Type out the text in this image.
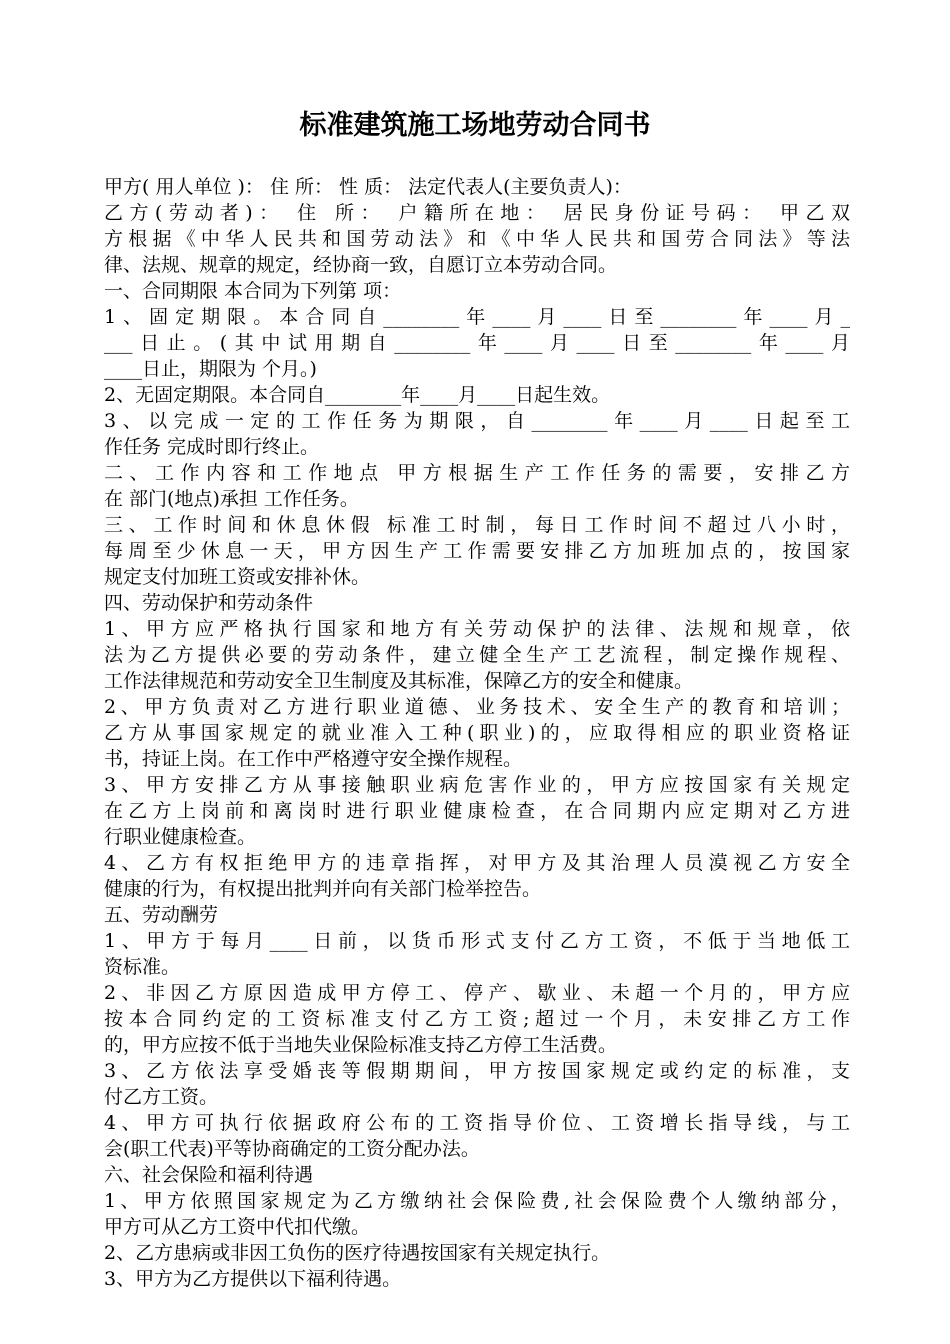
标准建筑施工场地劳动合同书
甲方( 用人单位 )： 住 所： 性 质： 法定代表人(主要负责人)：
乙方(劳动者)： 住 所： 户籍所在地： 居民身份证号码： 甲乙双
方根据《中华人民共和国劳动法》和《中华人民共和国劳合同法》等法
律、法规、规章的规定，经协商一致，自愿订立本劳动合同。
一、合同期限 本合同为下列第 项：
1、固定期限。本合同自________年____月____日至________年____月_
___日止。(其中试用期自________年____月____日至________年____月
____日止，期限为 个月。)
2、无固定期限。本合同自________年____月____日起生效。
3、以完成一定的工作任务为期限，自________年____月____日起至工
作任务 完成时即行终止。
二、工作内容和工作地点 甲方根据生产工作任务的需要，安排乙方
在 部门(地点)承担 工作任务。
三、工作时间和休息休假 标准工时制，每日工作时间不超过八小时，
每周至少休息一天，甲方因生产工作需要安排乙方加班加点的，按国家
规定支付加班工资或安排补休。
四、劳动保护和劳动条件
1、甲方应严格执行国家和地方有关劳动保护的法律、法规和规章，依
法为乙方提供必要的劳动条件，建立健全生产工艺流程，制定操作规程、
工作法律规范和劳动安全卫生制度及其标准，保障乙方的安全和健康。
2、甲方负责对乙方进行职业道德、业务技术、安全生产的教育和培训；
乙方从事国家规定的就业准入工种(职业)的，应取得相应的职业资格证
书，持证上岗。在工作中严格遵守安全操作规程。
3、甲方安排乙方从事接触职业病危害作业的，甲方应按国家有关规定
在乙方上岗前和离岗时进行职业健康检查，在合同期内应定期对乙方进
行职业健康检查。
4、乙方有权拒绝甲方的违章指挥，对甲方及其治理人员漠视乙方安全
健康的行为，有权提出批判并向有关部门检举控告。
五、劳动酬劳
1、甲方于每月____日前，以货币形式支付乙方工资，不低于当地低工
资标准。
2、非因乙方原因造成甲方停工、停产、歇业、未超一个月的，甲方应
按本合同约定的工资标准支付乙方工资;超过一个月，未安排乙方工作
的，甲方应按不低于当地失业保险标准支持乙方停工生活费。
3、乙方依法享受婚丧等假期期间，甲方按国家规定或约定的标准，支
付乙方工资。
4、甲方可执行依据政府公布的工资指导价位、工资增长指导线，与工
会(职工代表)平等协商确定的工资分配办法。
六、社会保险和福利待遇
1、甲方依照国家规定为乙方缴纳社会保险费,社会保险费个人缴纳部分，
甲方可从乙方工资中代扣代缴。
2、乙方患病或非因工负伤的医疗待遇按国家有关规定执行。
3、甲方为乙方提供以下福利待遇。
